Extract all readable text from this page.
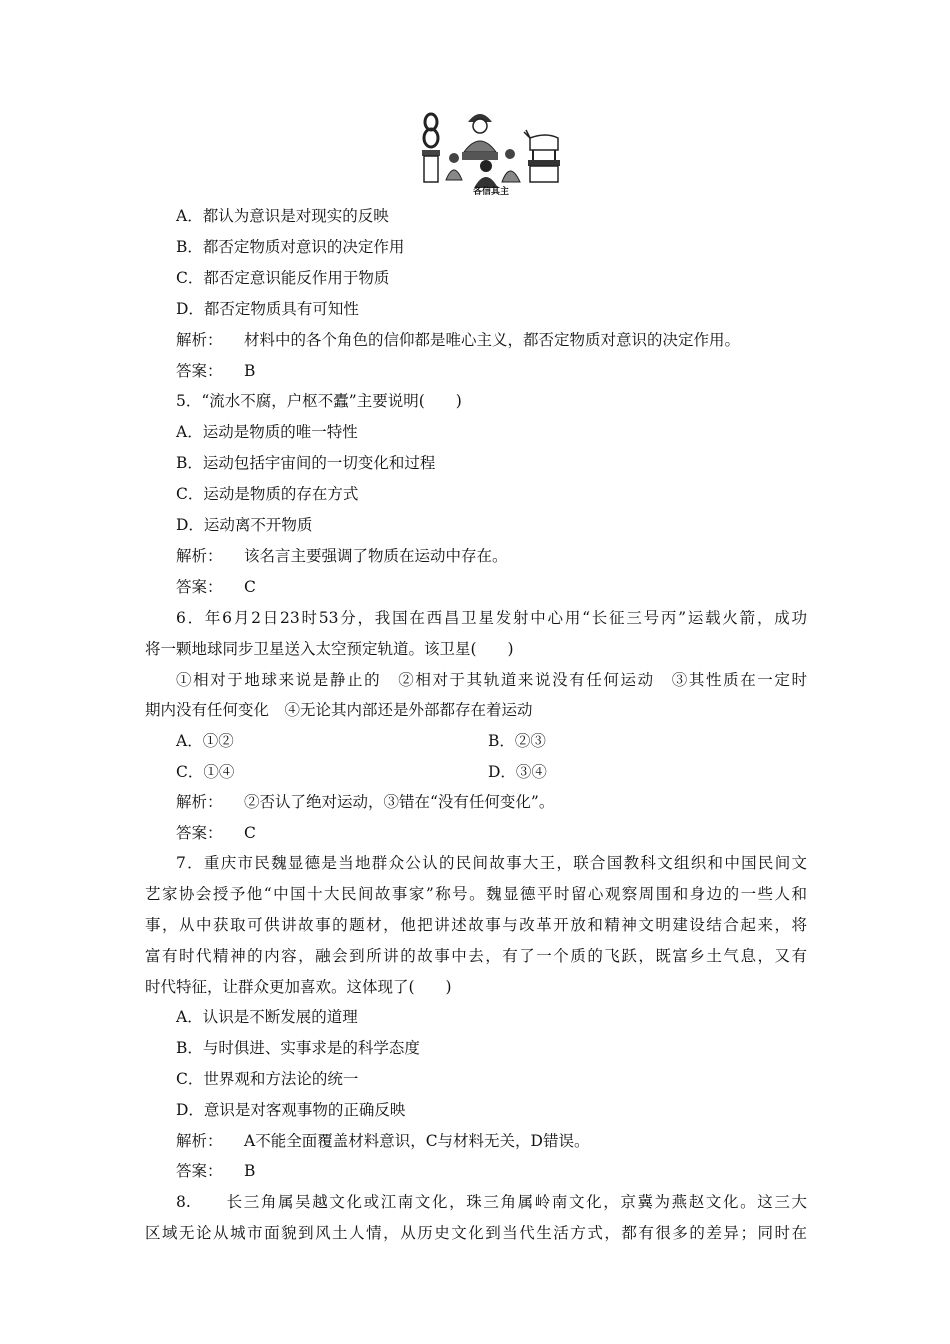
各信其主
A．都认为意识是对现实的反映
B．都否定物质对意识的决定作用
C．都否定意识能反作用于物质
D．都否定物质具有可知性
解析： 材料中的各个角色的信仰都是唯心主义，都否定物质对意识的决定作用。
答案： B
5．“流水不腐，户枢不蠹”主要说明(　　)
A．运动是物质的唯一特性
B．运动包括宇宙间的一切变化和过程
C．运动是物质的存在方式
D．运动离不开物质
解析： 该名言主要强调了物质在运动中存在。
答案： C
6．年6月2日23时53分，我国在西昌卫星发射中心用“长征三号丙”运载火箭，成功
将一颗地球同步卫星送入太空预定轨道。该卫星(　　)
①相对于地球来说是静止的　②相对于其轨道来说没有任何运动　③其性质在一定时
期内没有任何变化　④无论其内部还是外部都存在着运动
A．①②	B．②③
C．①④	D．③④
解析： ②否认了绝对运动，③错在“没有任何变化”。
答案： C
7．重庆市民魏显德是当地群众公认的民间故事大王，联合国教科文组织和中国民间文
艺家协会授予他“中国十大民间故事家”称号。魏显德平时留心观察周围和身边的一些人和
事，从中获取可供讲故事的题材，他把讲述故事与改革开放和精神文明建设结合起来，将
富有时代精神的内容，融会到所讲的故事中去，有了一个质的飞跃，既富乡土气息，又有
时代特征，让群众更加喜欢。这体现了(　　)
A．认识是不断发展的道理
B．与时俱进、实事求是的科学态度
C．世界观和方法论的统一
D．意识是对客观事物的正确反映
解析： A不能全面覆盖材料意识，C与材料无关，D错误。
答案： B
8.　　长三角属吴越文化或江南文化，珠三角属岭南文化，京冀为燕赵文化。这三大
区域无论从城市面貌到风土人情，从历史文化到当代生活方式，都有很多的差异；同时在
